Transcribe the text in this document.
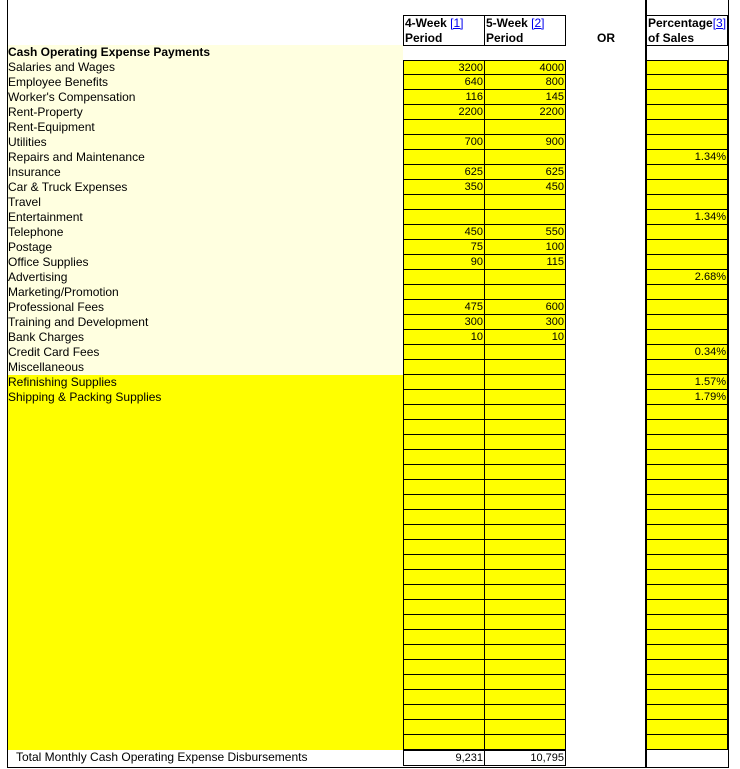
4-Week [1]
Period
5-Week [2]
Period	OR
Percentage[3]
of Sales
Cash Operating Expense Payments
Salaries and Wages	3200	4000
Employee Benefits	640	800
Worker's Compensation	116	145
Rent-Property	2200	2200
Rent-Equipment
Utilities	700	900
Repairs and Maintenance	1.34%
Insurance	625	625
Car & Truck Expenses	350	450
Travel
Entertainment	1.34%
Telephone	450	550
Postage	75	100
Office Supplies	90	115
Advertising	2.68%
Marketing/Promotion
Professional Fees	475	600
Training and Development	300	300
Bank Charges	10	10
Credit Card Fees	0.34%
Miscellaneous
Refinishing Supplies	1.57%
Shipping & Packing Supplies	1.79%
Total Monthly Cash Operating Expense Disbursements	9,231	10,795
